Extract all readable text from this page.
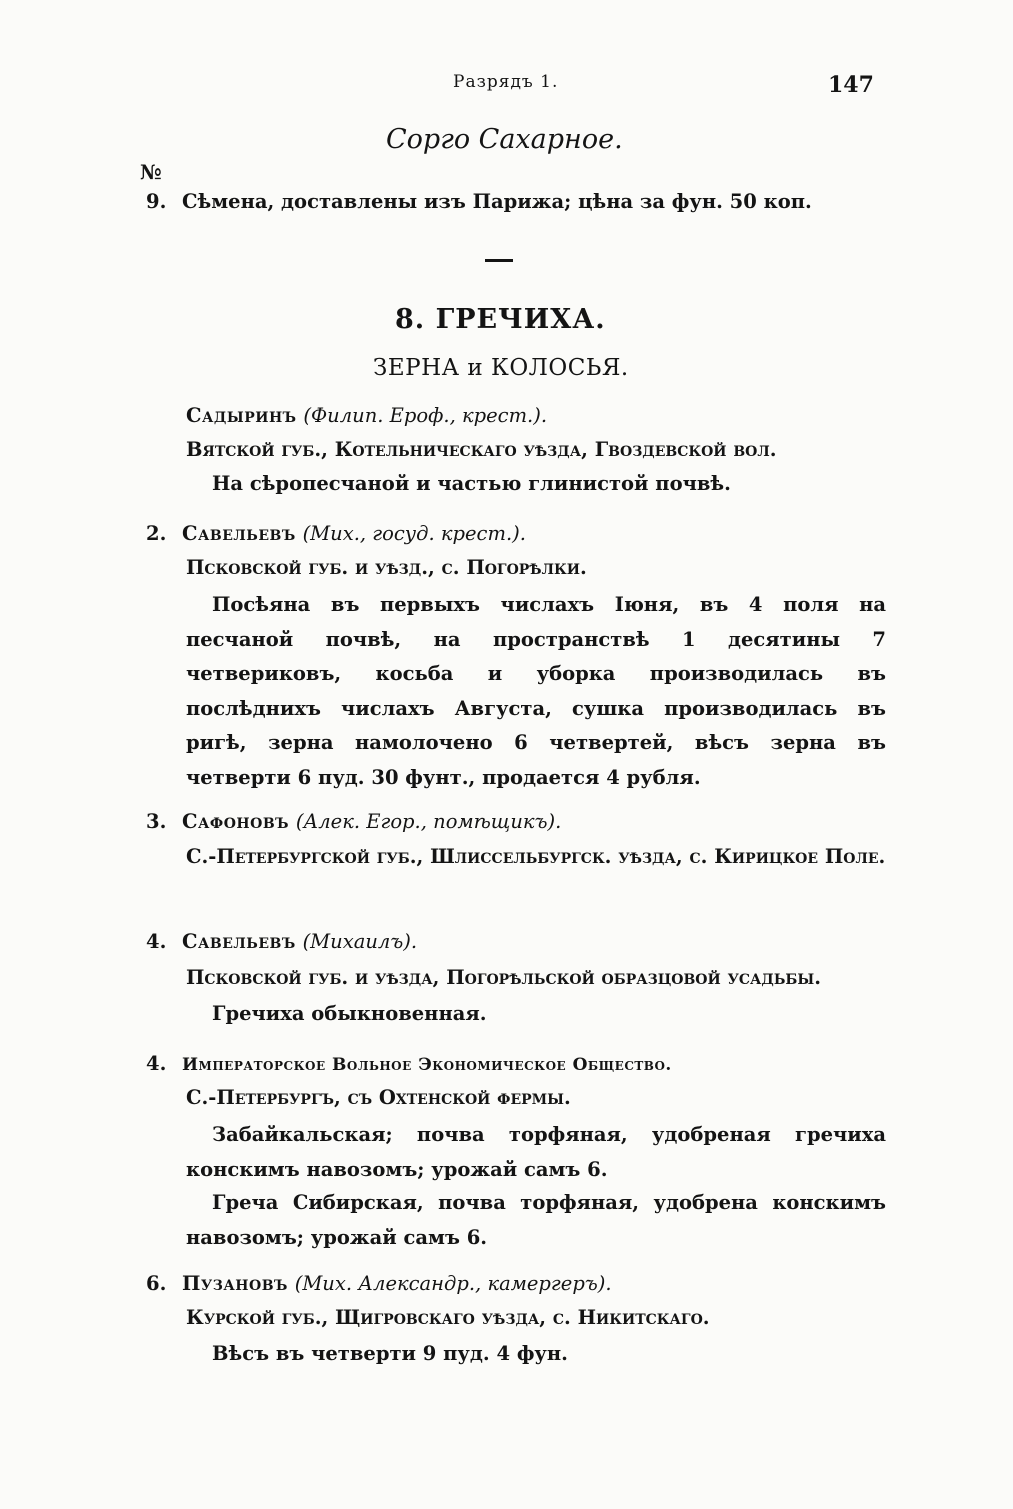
Разрядъ 1.	147
Сорго Сахарное.
№
9. Сѣмена, доставлены изъ Парижа; цѣна за фун. 50 коп.
8. ГРЕЧИХА.
ЗЕРНА и КОЛОСЬЯ.
Садыринъ (Филип. Ероф., крест.).
Вятской губ., Котельническаго уѣзда, Гвоздевской вол.
На сѣропесчаной и частью глинистой почвѣ.
2. Савельевъ (Мих., госуд. крест.).
Псковской губ. и уѣзд., с. Погорѣлки.
Посѣяна въ первыхъ числахъ Іюня, въ 4 поля на песчаной почвѣ, на пространствѣ 1 десятины 7 четвериковъ, косьба и уборка производилась въ послѣднихъ числахъ Августа, сушка производилась въ ригѣ, зерна намолочено 6 четвертей, вѣсъ зерна въ четверти 6 пуд. 30 фунт., продается 4 рубля.
3. Сафоновъ (Алек. Егор., помѣщикъ).
С.-Петербургской губ., Шлиссельбургск. уѣзда, с. Кирицкое Поле.
4. Савельевъ (Михаилъ).
Псковской губ. и уѣзда, Погорѣльской образцовой усадьбы.
Гречиха обыкновенная.
4. Императорское Вольное Экономическое Общество.
С.-Петербургъ, съ Охтенской фермы.
Забайкальская; почва торфяная, удобреная гречиха конскимъ навозомъ; урожай самъ 6.
Греча Сибирская, почва торфяная, удобрена конскимъ навозомъ; урожай самъ 6.
6. Пузановъ (Мих. Александр., камергеръ).
Курской губ., Щигровскаго уѣзда, с. Никитскаго.
Вѣсъ въ четверти 9 пуд. 4 фун.
